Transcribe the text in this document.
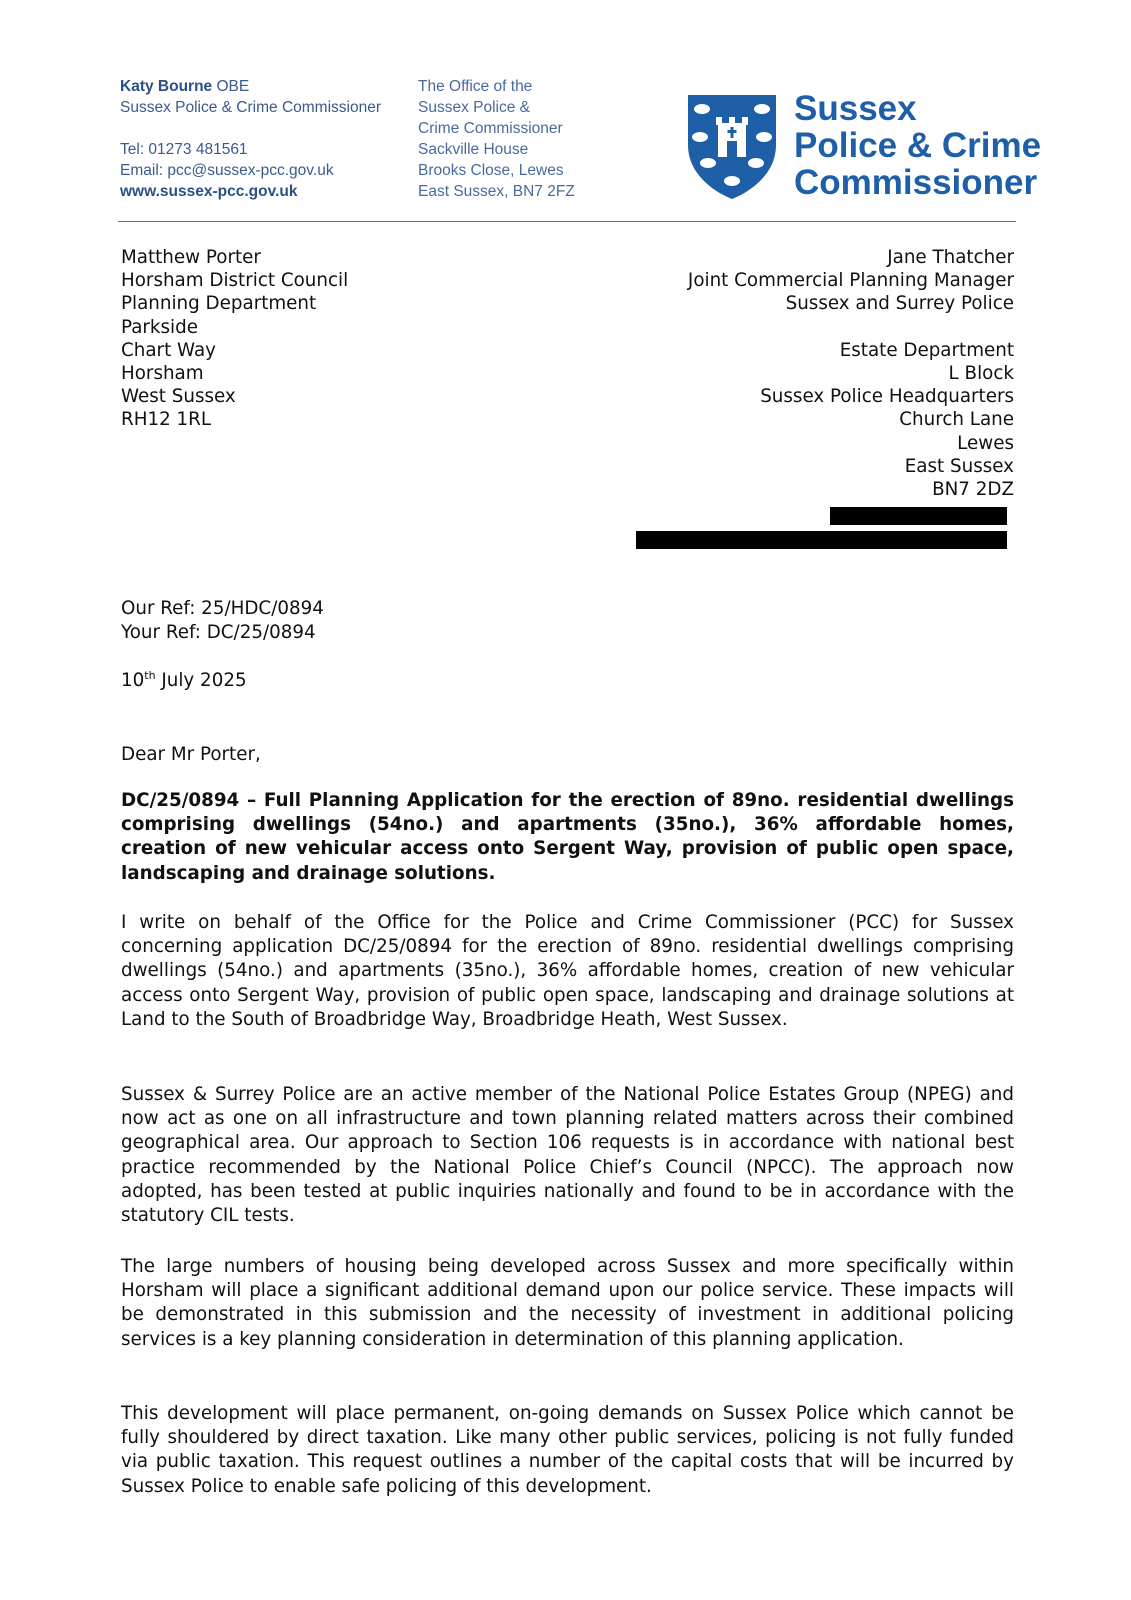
Katy Bourne OBE
Sussex Police & Crime Commissioner
Tel: 01273 481561
Email: pcc@sussex-pcc.gov.uk
www.sussex-pcc.gov.uk
The Office of the
Sussex Police &
Crime Commissioner
Sackville House
Brooks Close, Lewes
East Sussex, BN7 2FZ
Sussex
Police & Crime
Commissioner
Matthew Porter
Horsham District Council
Planning Department
Parkside
Chart Way
Horsham
West Sussex
RH12 1RL
Jane Thatcher
Joint Commercial Planning Manager
Sussex and Surrey Police
Estate Department
L Block
Sussex Police Headquarters
Church Lane
Lewes
East Sussex
BN7 2DZ
Our Ref: 25/HDC/0894
Your Ref: DC/25/0894
10th July 2025
Dear Mr Porter,
DC/25/0894 – Full Planning Application for the erection of 89no. residential dwellings comprising dwellings (54no.) and apartments (35no.), 36% affordable homes, creation of new vehicular access onto Sergent Way, provision of public open space, landscaping and drainage solutions.
I write on behalf of the Office for the Police and Crime Commissioner (PCC) for Sussex concerning application DC/25/0894 for the erection of 89no. residential dwellings comprising dwellings (54no.) and apartments (35no.), 36% affordable homes, creation of new vehicular access onto Sergent Way, provision of public open space, landscaping and drainage solutions at Land to the South of Broadbridge Way, Broadbridge Heath, West Sussex.
Sussex & Surrey Police are an active member of the National Police Estates Group (NPEG) and now act as one on all infrastructure and town planning related matters across their combined geographical area. Our approach to Section 106 requests is in accordance with national best practice recommended by the National Police Chief’s Council (NPCC). The approach now adopted, has been tested at public inquiries nationally and found to be in accordance with the statutory CIL tests.
The large numbers of housing being developed across Sussex and more specifically within Horsham will place a significant additional demand upon our police service. These impacts will be demonstrated in this submission and the necessity of investment in additional policing services is a key planning consideration in determination of this planning application.
This development will place permanent, on-going demands on Sussex Police which cannot be fully shouldered by direct taxation. Like many other public services, policing is not fully funded via public taxation. This request outlines a number of the capital costs that will be incurred by Sussex Police to enable safe policing of this development.
